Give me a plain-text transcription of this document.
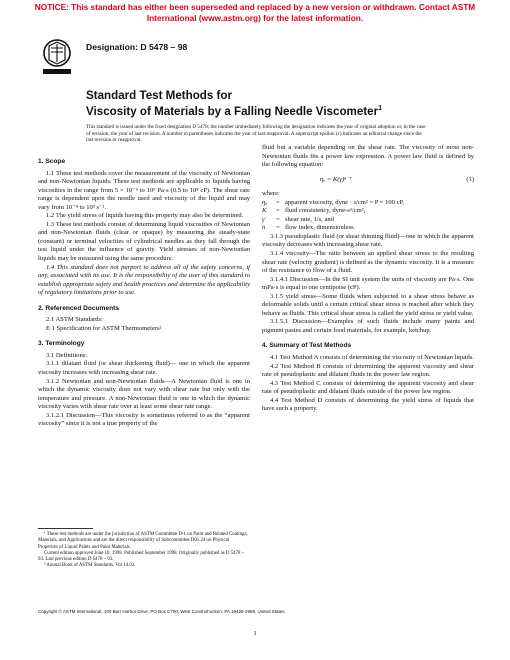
NOTICE: This standard has either been superseded and replaced by a new version or withdrawn. Contact ASTM
International (www.astm.org) for the latest information.
Designation: D 5478 – 98
Standard Test Methods for
Viscosity of Materials by a Falling Needle Viscometer$^1$
This standard is issued under the fixed designation D 5478; the number immediately following the designation indicates the year of original adoption or, in the case of revision, the year of last revision. A number in parentheses indicates the year of last reapproval. A superscript epsilon (ε) indicates an editorial change since the last revision or reapproval.
1. Scope

1.1 These test methods cover the measurement of the viscosity of Newtonian and non-Newtonian liquids. These test methods are applicable to liquids having viscosities in the range from 5 × 10⁻⁴ to 10⁵ Pa·s (0.5 to 10⁸ cP). The shear rate range is dependent upon the needle used and viscosity of the liquid and may vary from 10⁻⁴ to 10³ s⁻¹.

1.2 The yield stress of liquids having this property may also be determined.

1.3 These test methods consist of determining liquid viscosities of Newtonian and non-Newtonian fluids (clear or opaque) by measuring the steady-state (constant) or terminal velocities of cylindrical needles as they fall through the test liquid under the influence of gravity. Yield stresses of non-Newtonian liquids may be measured using the same procedure.

1.4 This standard does not purport to address all of the safety concerns, if any, associated with its use. It is the responsibility of the user of this standard to establish appropriate safety and health practices and determine the applicability of regulatory limitations prior to use.

2. Referenced Documents

2.1 ASTM Standards:

E 1 Specification for ASTM Thermometers²

3. Terminology

3.1 Definitions:

3.1.1 dilatant fluid (or shear thickening fluid)— one in which the apparent viscosity increases with increasing shear rate.

3.1.2 Newtonian and non-Newtonian fluids—A Newtonian fluid is one in which the dynamic viscosity does not vary with shear rate but only with the temperature and pressure. A non-Newtonian fluid is one in which the dynamic viscosity varies with shear rate over at least some shear rate range.

3.1.2.1 Discussion—This viscosity is sometimes referred to as the “apparent viscosity” since it is not a true property of the

¹ These test methods are under the jurisdiction of ASTM Committee D-1 on Paint and Related Coatings, Materials, and Applications and are the direct responsibility of Subcommittee D01.24 on Physical Properties of Liquid Paints and Paint Materials.
Current edition approved June 10, 1998. Published September 1998. Originally published as D 5478 – 93. Last previous edition D 5478 – 93.
² Annual Book of ASTM Standards, Vol 14.03.

fluid but a variable depending on the shear rate. The viscosity of most non-Newtonian fluids fits a power law expression. A power law fluid is defined by the following equation:

ηₐ = K(γ̇)ⁿ⁻¹	(1)
where:
ηₐ	= apparent viscosity, dyne · s/cm² = P = 100 cP,
K	= fluid consistency, dyne-sⁿ/cm²,
γ̇	= shear rate, 1/s, and
n	= flow index, dimensionless.

3.1.3 pseudoplastic fluid (or shear thinning fluid)—one in which the apparent viscosity decreases with increasing shear rate.

3.1.4 viscosity—The ratio between an applied shear stress to the resulting shear rate (velocity gradient) is defined as the dynamic viscosity. It is a measure of the resistance to flow of a fluid.

3.1.4.1 Discussion—In the SI unit system the units of viscosity are Pa·s. One mPa·s is equal to one centipoise (cP).

3.1.5 yield stress—Some fluids when subjected to a shear stress behave as deformable solids until a certain critical shear stress is reached after which they behave as fluids. This critical shear stress is called the yield stress or yield value.

3.1.5.1 Discussion—Examples of such fluids include many paints and pigment pastes and certain food materials, for example, ketchup.

4. Summary of Test Methods

4.1 Test Method A consists of determining the viscosity of Newtonian liquids.

4.2 Test Method B consists of determining the apparent viscosity and shear rate of pseudoplastic and dilatant fluids in the power law region.

4.3 Test Method C consists of determining the apparent viscosity and shear rate of pseudoplastic and dilatant fluids outside of the power law region.

4.4 Test Method D consists of determining the yield stress of liquids that have such a property.

Copyright © ASTM International, 100 Barr Harbor Drive, PO Box C700, West Conshohocken, PA 19428-2959, United States.
1
